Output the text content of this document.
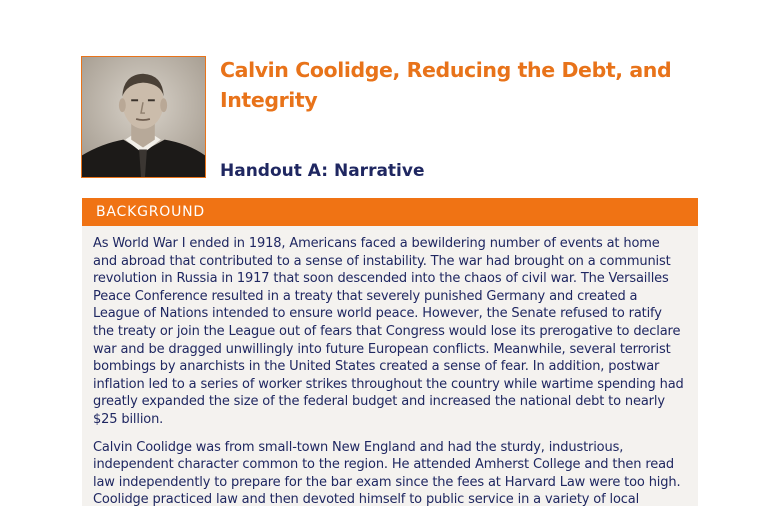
Calvin Coolidge, Reducing the Debt, and Integrity
Handout A: Narrative
BACKGROUND

As World War I ended in 1918, Americans faced a bewildering number of events at home and abroad that contributed to a sense of instability. The war had brought on a communist revolution in Russia in 1917 that soon descended into the chaos of civil war. The Versailles Peace Conference resulted in a treaty that severely punished Germany and created a League of Nations intended to ensure world peace. However, the Senate refused to ratify the treaty or join the League out of fears that Congress would lose its prerogative to declare war and be dragged unwillingly into future European conflicts. Meanwhile, several terrorist bombings by anarchists in the United States created a sense of fear. In addition, postwar inflation led to a series of worker strikes throughout the country while wartime spending had greatly expanded the size of the federal budget and increased the national debt to nearly $25 billion.

Calvin Coolidge was from small-town New England and had the sturdy, industrious, independent character common to the region. He attended Amherst College and then read law independently to prepare for the bar exam since the fees at Harvard Law were too high. Coolidge practiced law and then devoted himself to public service in a variety of local
